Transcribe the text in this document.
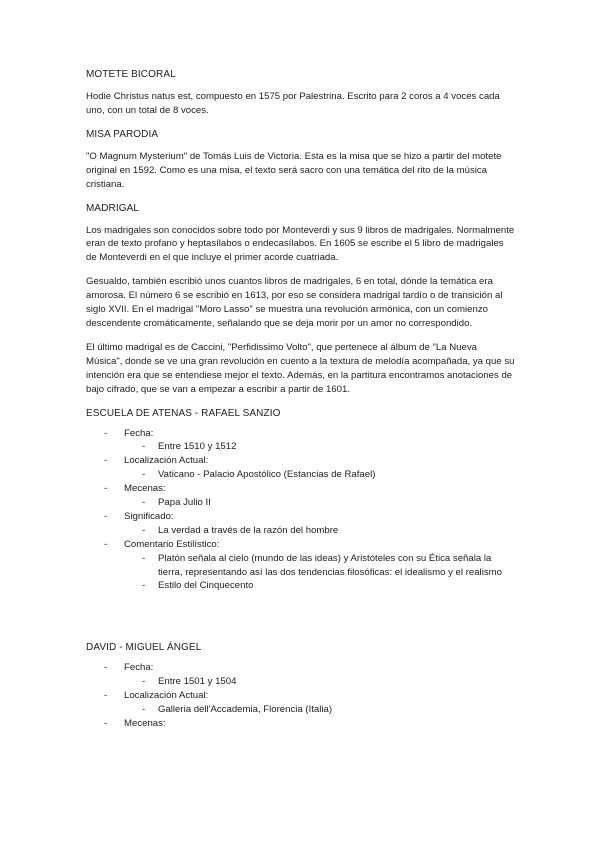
MOTETE BICORAL
Hodie Christus natus est, compuesto en 1575 por Palestrina. Escrito para 2 coros a 4 voces cada uno, con un total de 8 voces.
MISA PARODIA
"O Magnum Mysterium" de Tomás Luis de Victoria. Esta es la misa que se hizo a partir del motete original en 1592. Como es una misa, el texto será sacro con una temática del rito de la música cristiana.
MADRIGAL
Los madrigales son conocidos sobre todo por Monteverdi y sus 9 libros de madrigales. Normalmente eran de texto profano y heptasílabos o endecasílabos. En 1605 se escribe el 5 libro de madrigales de Monteverdi en el que incluye el primer acorde cuatriada.
Gesualdo, también escribió unos cuantos libros de madrigales, 6 en total, dónde la temática era amorosa. El número 6 se escribió en 1613, por eso se considera madrigal tardío o de transición al siglo XVII. En el madrigal "Moro Lasso" se muestra una revolución armónica, con un comienzo descendente cromáticamente, señalando que se deja morir por un amor no correspondido.
El último madrigal es de Caccini, "Perfidissimo Volto", que pertenece al álbum de "La Nueva Música", donde se ve una gran revolución en cuento a la textura de melodía acompañada, ya que su intención era que se entendiese mejor el texto. Además, en la partitura encontramos anotaciones de bajo cifrado, que se van a empezar a escribir a partir de 1601.
ESCUELA DE ATENAS - RAFAEL SANZIO
- Fecha:
- Entre 1510 y 1512
- Localización Actual:
- Vaticano - Palacio Apostólico (Estancias de Rafael)
- Mecenas:
- Papa Julio II
- Significado:
- La verdad a través de la razón del hombre
- Comentario Estilístico:
- Platón señala al cielo (mundo de las ideas) y Aristóteles con su Ética señala la tierra, representando así las dos tendencias filosóficas: el idealismo y el realismo
- Estilo del Cinquecento
DAVID - MIGUEL ÁNGEL
- Fecha:
- Entre 1501 y 1504
- Localización Actual:
- Galleria dell'Accademia, Florencia (Italia)
- Mecenas:
